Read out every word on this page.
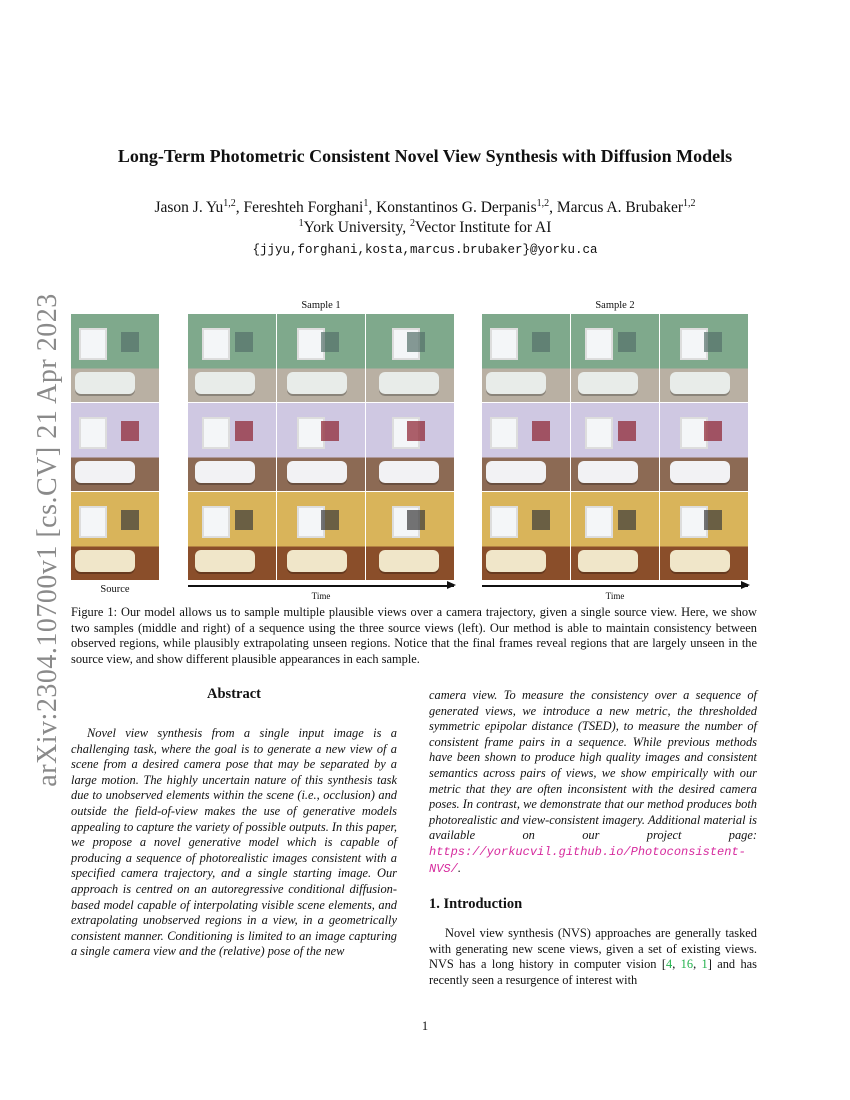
arXiv:2304.10700v1 [cs.CV] 21 Apr 2023
Long-Term Photometric Consistent Novel View Synthesis with Diffusion Models
Jason J. Yu$^{1,2}$, Fereshteh Forghani$^1$, Konstantinos G. Derpanis$^{1,2}$, Marcus A. Brubaker$^{1,2}$
$^1$York University, $^2$Vector Institute for AI
{jjyu,forghani,kosta,marcus.brubaker}@yorku.ca
Sample 1	Sample 2
Source
Time	Time
Figure 1: Our model allows us to sample multiple plausible views over a camera trajectory, given a single source view. Here, we show two samples (middle and right) of a sequence using the three source views (left). Our method is able to maintain consistency between observed regions, while plausibly extrapolating unseen regions. Notice that the final frames reveal regions that are largely unseen in the source view, and show different plausible appearances in each sample.
Abstract
Novel view synthesis from a single input image is a challenging task, where the goal is to generate a new view of a scene from a desired camera pose that may be separated by a large motion. The highly uncertain nature of this synthesis task due to unobserved elements within the scene (i.e., occlusion) and outside the field-of-view makes the use of generative models appealing to capture the variety of possible outputs. In this paper, we propose a novel generative model which is capable of producing a sequence of photorealistic images consistent with a specified camera trajectory, and a single starting image. Our approach is centred on an autoregressive conditional diffusion-based model capable of interpolating visible scene elements, and extrapolating unobserved regions in a view, in a geometrically consistent manner. Conditioning is limited to an image capturing a single camera view and the (relative) pose of the new
camera view. To measure the consistency over a sequence of generated views, we introduce a new metric, the thresholded symmetric epipolar distance (TSED), to measure the number of consistent frame pairs in a sequence. While previous methods have been shown to produce high quality images and consistent semantics across pairs of views, we show empirically with our metric that they are often inconsistent with the desired camera poses. In contrast, we demonstrate that our method produces both photorealistic and view-consistent imagery. Additional material is available on our project page: https://yorkucvil.github.io/Photoconsistent-NVS/.
1. Introduction
Novel view synthesis (NVS) approaches are generally tasked with generating new scene views, given a set of existing views. NVS has a long history in computer vision [4, 16, 1] and has recently seen a resurgence of interest with
1
